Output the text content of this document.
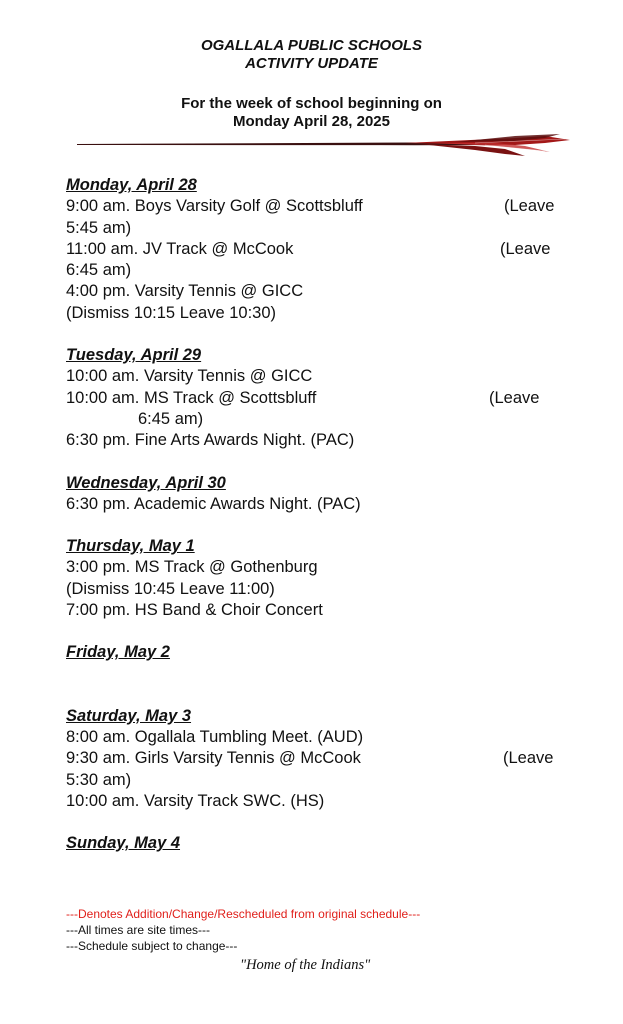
OGALLALA PUBLIC SCHOOLS
ACTIVITY UPDATE
For the week of school beginning on
Monday April 28, 2025
Monday, April 28
9:00 am. Boys Varsity Golf @ Scottsbluff	(Leave
5:45 am)
11:00 am. JV Track @ McCook	(Leave
6:45 am)
4:00 pm. Varsity Tennis @ GICC
(Dismiss 10:15 Leave 10:30)
Tuesday, April 29
10:00 am. Varsity Tennis @ GICC
10:00 am. MS Track @ Scottsbluff	(Leave
6:45 am)
6:30 pm. Fine Arts Awards Night. (PAC)
Wednesday, April 30
6:30 pm. Academic Awards Night. (PAC)
Thursday, May 1
3:00 pm. MS Track @ Gothenburg
(Dismiss 10:45 Leave 11:00)
7:00 pm. HS Band & Choir Concert
Friday, May 2
Saturday, May 3
8:00 am. Ogallala Tumbling Meet. (AUD)
9:30 am. Girls Varsity Tennis @ McCook	(Leave
5:30 am)
10:00 am. Varsity Track SWC. (HS)
Sunday, May 4
---Denotes Addition/Change/Rescheduled from original schedule---
---All times are site times---
---Schedule subject to change---
"Home of the Indians"
